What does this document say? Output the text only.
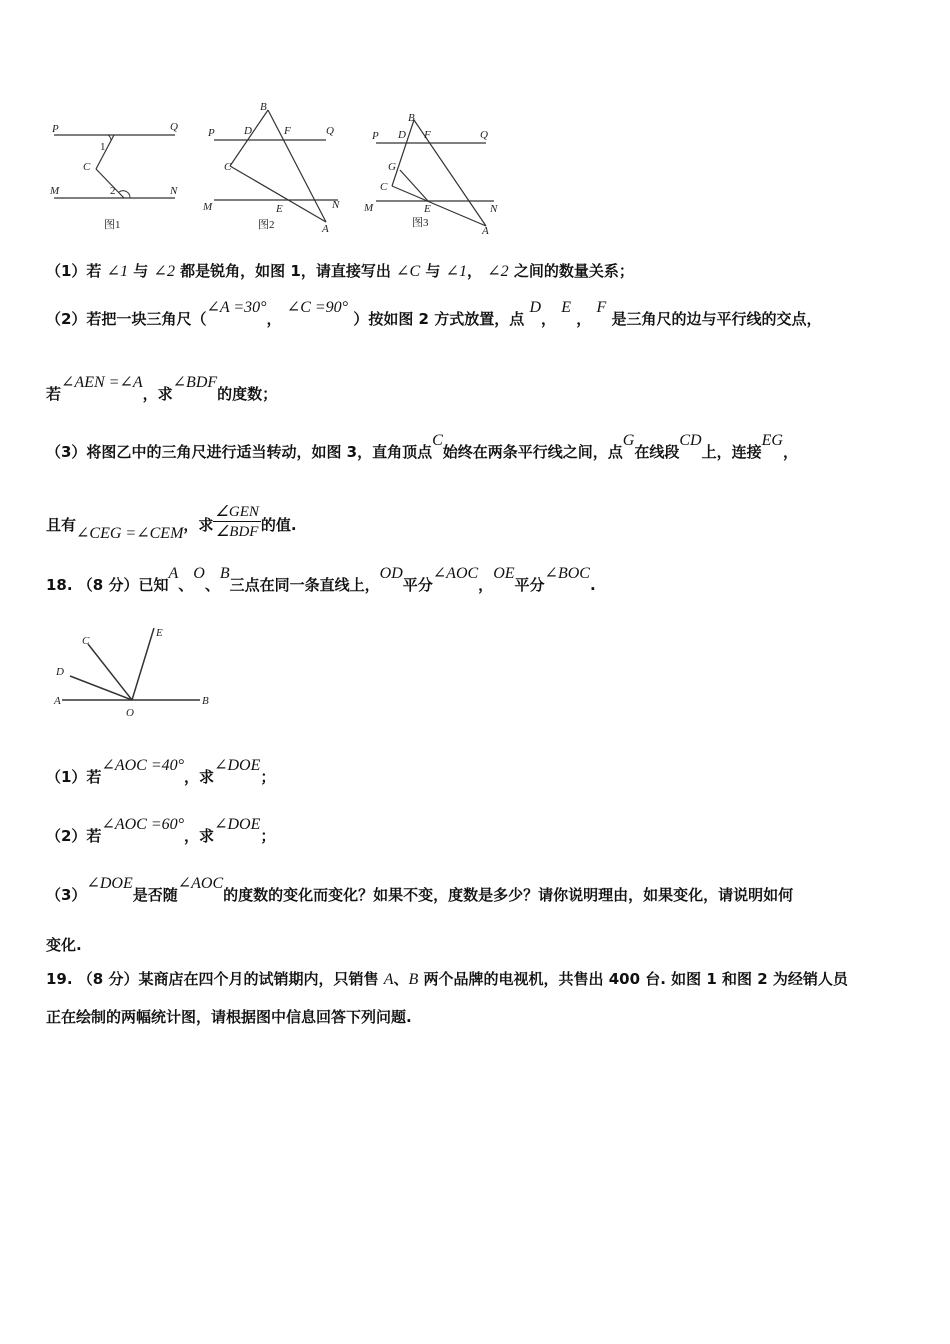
P	Q
M	N
C
1
2
图1
B
P	D	F	Q
C
M	E	N
A
图2
B
P D F	Q
G
C
M	E	N
A
图3
（1）若 ∠1 与 ∠2 都是锐角，如图 1，请直接写出 ∠C 与 ∠1， ∠2 之间的数量关系；
（2）若把一块三角尺（∠A =30°， ∠C =90° ）按如图 2 方式放置，点 D， E ， F 是三角尺的边与平行线的交点，
若∠AEN =∠A，求∠BDF的度数；
（3）将图乙中的三角尺进行适当转动，如图 3，直角顶点C始终在两条平行线之间，点G在线段CD上，连接EG，
且有∠CEG =∠CEM，求 $\frac{\text{∠GEN}}{\text{∠BDF}}$ 的值.
18. （8 分）已知A、O、B三点在同一条直线上，OD平分∠AOC，OE平分∠BOC.
A
O
B
C
D
E
（1）若∠AOC =40°，求∠DOE；
（2）若∠AOC =60°，求∠DOE；
（3）∠DOE是否随∠AOC的度数的变化而变化？如果不变，度数是多少？请你说明理由，如果变化，请说明如何
变化.
19. （8 分）某商店在四个月的试销期内，只销售 A、B 两个品牌的电视机，共售出 400 台. 如图 1 和图 2 为经销人员
正在绘制的两幅统计图，请根据图中信息回答下列问题.
